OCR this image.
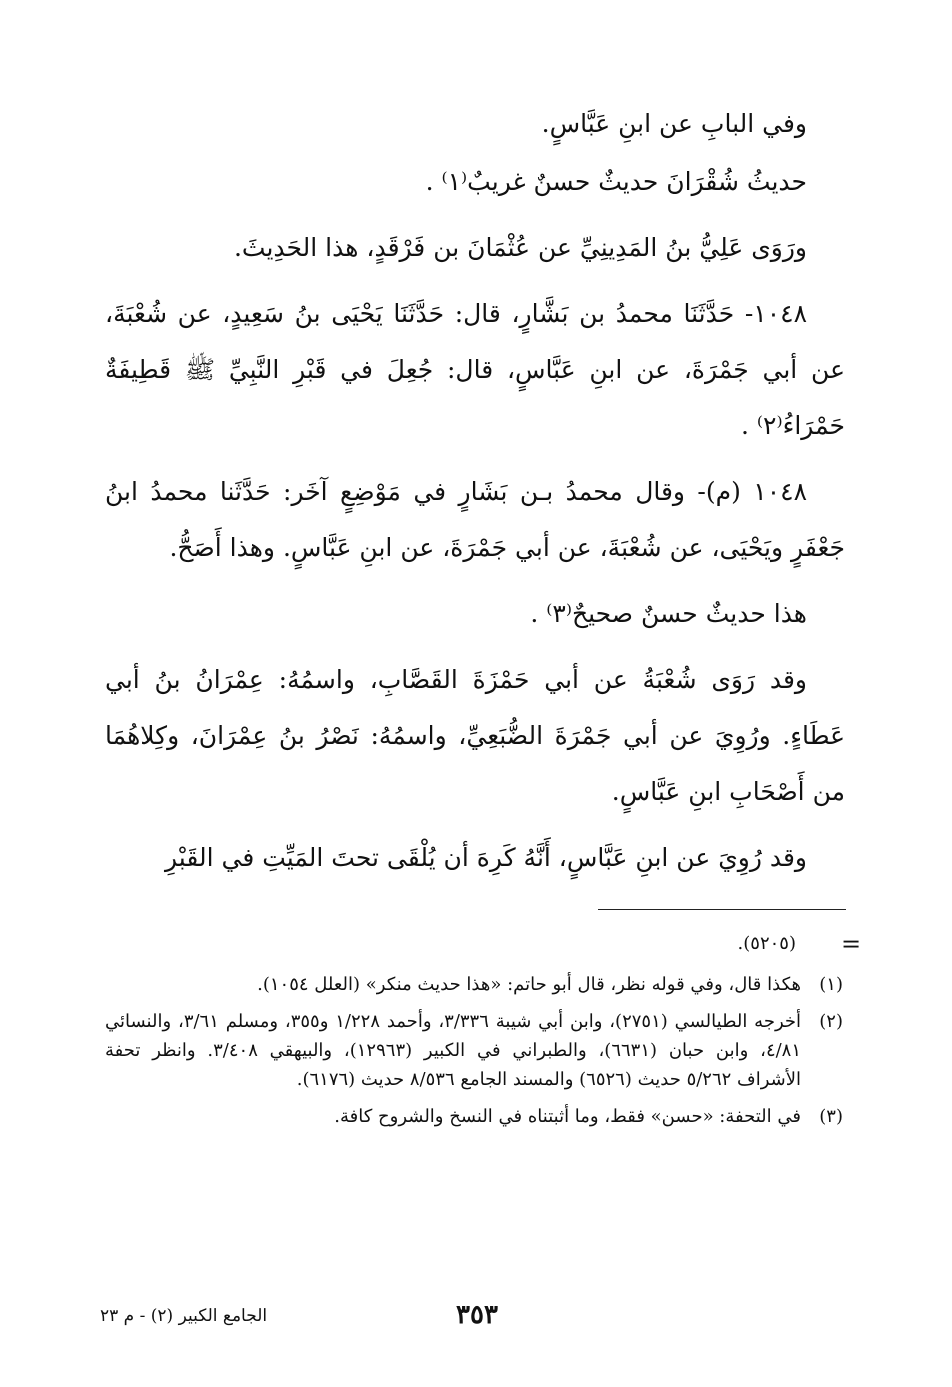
وفي البابِ عن ابنِ عَبَّاسٍ.

حديثُ شُقْرَانَ حديثٌ حسنٌ غريبٌ⁽١⁾ .

ورَوَى عَلِيُّ بنُ المَدِينِيِّ عن عُثْمَانَ بن فَرْقَدٍ، هذا الحَدِيثَ.

١٠٤٨- حَدَّثَنَا محمدُ بن بَشَّارٍ، قال: حَدَّثَنَا يَحْيَى بنُ سَعِيدٍ، عن شُعْبَةَ، عن أبي جَمْرَةَ، عن ابنِ عَبَّاسٍ، قال: جُعِلَ في قَبْرِ النَّبِيِّ ﷺ قَطِيفَةٌ حَمْرَاءُ⁽٢⁾ .

١٠٤٨ (م)- وقال محمدُ بـن بَشَارٍ في مَوْضِعٍ آخَر: حَدَّثَنا محمدُ ابنُ جَعْفَرٍ ويَحْيَى، عن شُعْبَةَ، عن أبي جَمْرَةَ، عن ابنِ عَبَّاسٍ. وهذا أَصَحُّ.

هذا حديثٌ حسنٌ صحيحٌ⁽٣⁾ .

وقد رَوَى شُعْبَةُ عن أبي حَمْزَةَ القَصَّابِ، واسمُهُ: عِمْرَانُ بنُ أبي عَطَاءٍ. ورُوِيَ عن أبي جَمْرَةَ الضُّبَعِيِّ، واسمُهُ: نَصْرُ بنُ عِمْرَانَ، وكِلاهُمَا من أَصْحَابِ ابنِ عَبَّاسٍ.

وقد رُوِيَ عن ابنِ عَبَّاسٍ، أَنَّهُ كَرِهَ أن يُلْقَى تحتَ المَيِّتِ في القَبْرِ

=
(٥٢٠٥).
(١)
هكذا قال، وفي قوله نظر، قال أبو حاتم: «هذا حديث منكر» (العلل ١٠٥٤).
(٢)
أخرجه الطيالسي (٢٧٥١)، وابن أبي شيبة ٣/٣٣٦، وأحمد ١/٢٢٨ و٣٥٥، ومسلم ٣/٦١، والنسائي ٤/٨١، وابن حبان (٦٦٣١)، والطبراني في الكبير (١٢٩٦٣)، والبيهقي ٣/٤٠٨. وانظر تحفة الأشراف ٥/٢٦٢ حديث (٦٥٢٦) والمسند الجامع ٨/٥٣٦ حديث (٦١٧٦).
(٣)
في التحفة: «حسن» فقط، وما أثبتناه في النسخ والشروح كافة.
٣٥٣
الجامع الكبير (٢) - م ٢٣
